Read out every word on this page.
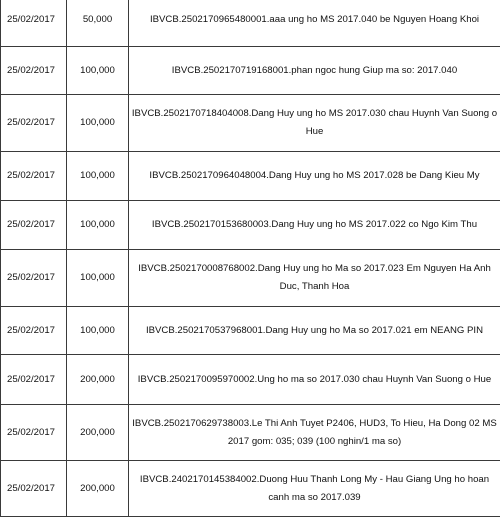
25/02/2017	50,000	IBVCB.2502170965480001.aaa ung ho MS 2017.040 be Nguyen Hoang Khoi
25/02/2017	100,000	IBVCB.2502170719168001.phan ngoc hung Giup ma so: 2017.040
25/02/2017	100,000	IBVCB.2502170718404008.Dang Huy ung ho MS 2017.030 chau Huynh Van Suong o Hue
25/02/2017	100,000	IBVCB.2502170964048004.Dang Huy ung ho MS 2017.028 be Dang Kieu My
25/02/2017	100,000	IBVCB.2502170153680003.Dang Huy ung ho MS 2017.022 co Ngo Kim Thu
25/02/2017	100,000	IBVCB.2502170008768002.Dang Huy ung ho Ma so 2017.023 Em Nguyen Ha Anh Duc, Thanh Hoa
25/02/2017	100,000	IBVCB.2502170537968001.Dang Huy ung ho Ma so 2017.021 em NEANG PIN
25/02/2017	200,000	IBVCB.2502170095970002.Ung ho ma so 2017.030 chau Huynh Van Suong o Hue
25/02/2017	200,000	IBVCB.2502170629738003.Le Thi Anh Tuyet P2406, HUD3, To Hieu, Ha Dong 02 MS 2017 gom: 035; 039 (100 nghin/1 ma so)
25/02/2017	200,000	IBVCB.2402170145384002.Duong Huu Thanh Long My - Hau Giang Ung ho hoan canh ma so 2017.039
